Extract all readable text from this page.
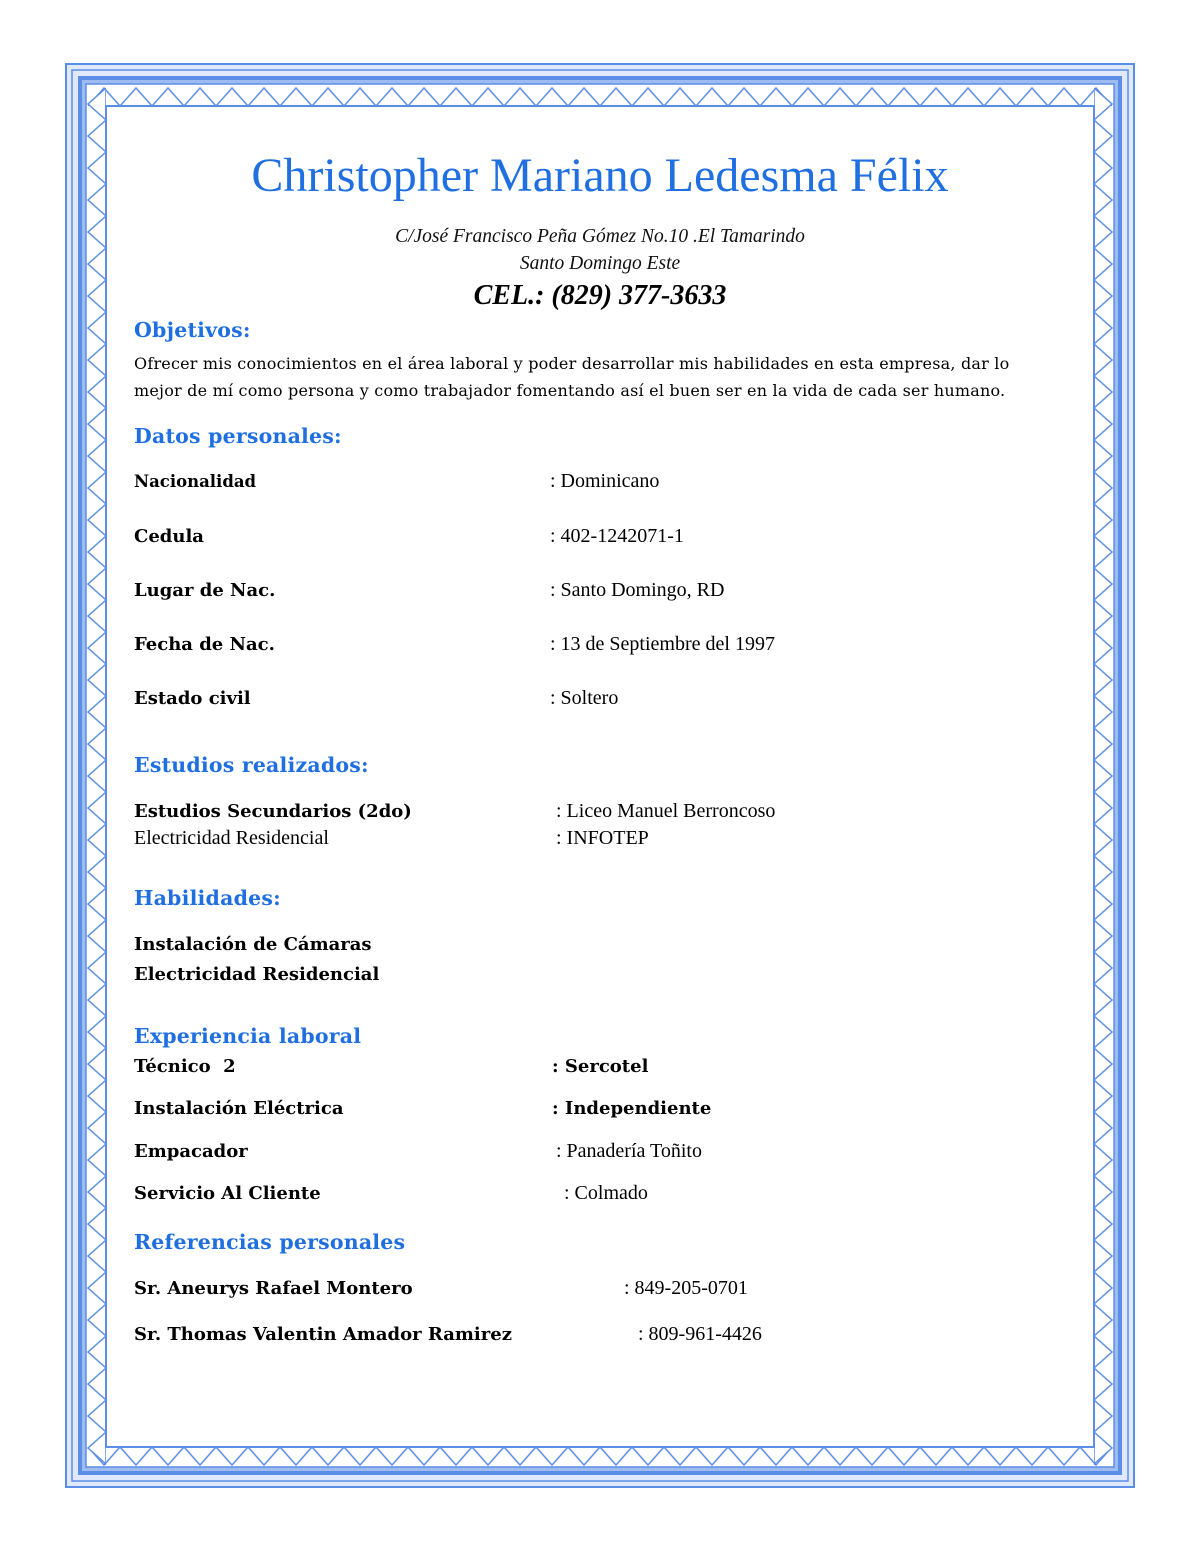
Christopher Mariano Ledesma Félix
C/José Francisco Peña Gómez No.10 .El Tamarindo
Santo Domingo Este
CEL.: (829) 377-3633
Objetivos:
Ofrecer mis conocimientos en el área laboral y poder desarrollar mis habilidades en esta empresa, dar lo mejor de mí como persona y como trabajador fomentando así el buen ser en la vida de cada ser humano.
Datos personales:
Nacionalidad	: Dominicano
Cedula	: 402-1242071-1
Lugar de Nac.	: Santo Domingo, RD
Fecha de Nac.	: 13 de Septiembre del 1997
Estado civil	: Soltero
Estudios realizados:
Estudios Secundarios (2do)	: Liceo Manuel Berroncoso
Electricidad Residencial	: INFOTEP
Habilidades:
Instalación de Cámaras
Electricidad Residencial
Experiencia laboral
Técnico  2	: Sercotel
Instalación Eléctrica	: Independiente
Empacador	: Panadería Toñito
Servicio Al Cliente	: Colmado
Referencias personales
Sr. Aneurys Rafael Montero	: 849-205-0701
Sr. Thomas Valentin Amador Ramirez	: 809-961-4426
